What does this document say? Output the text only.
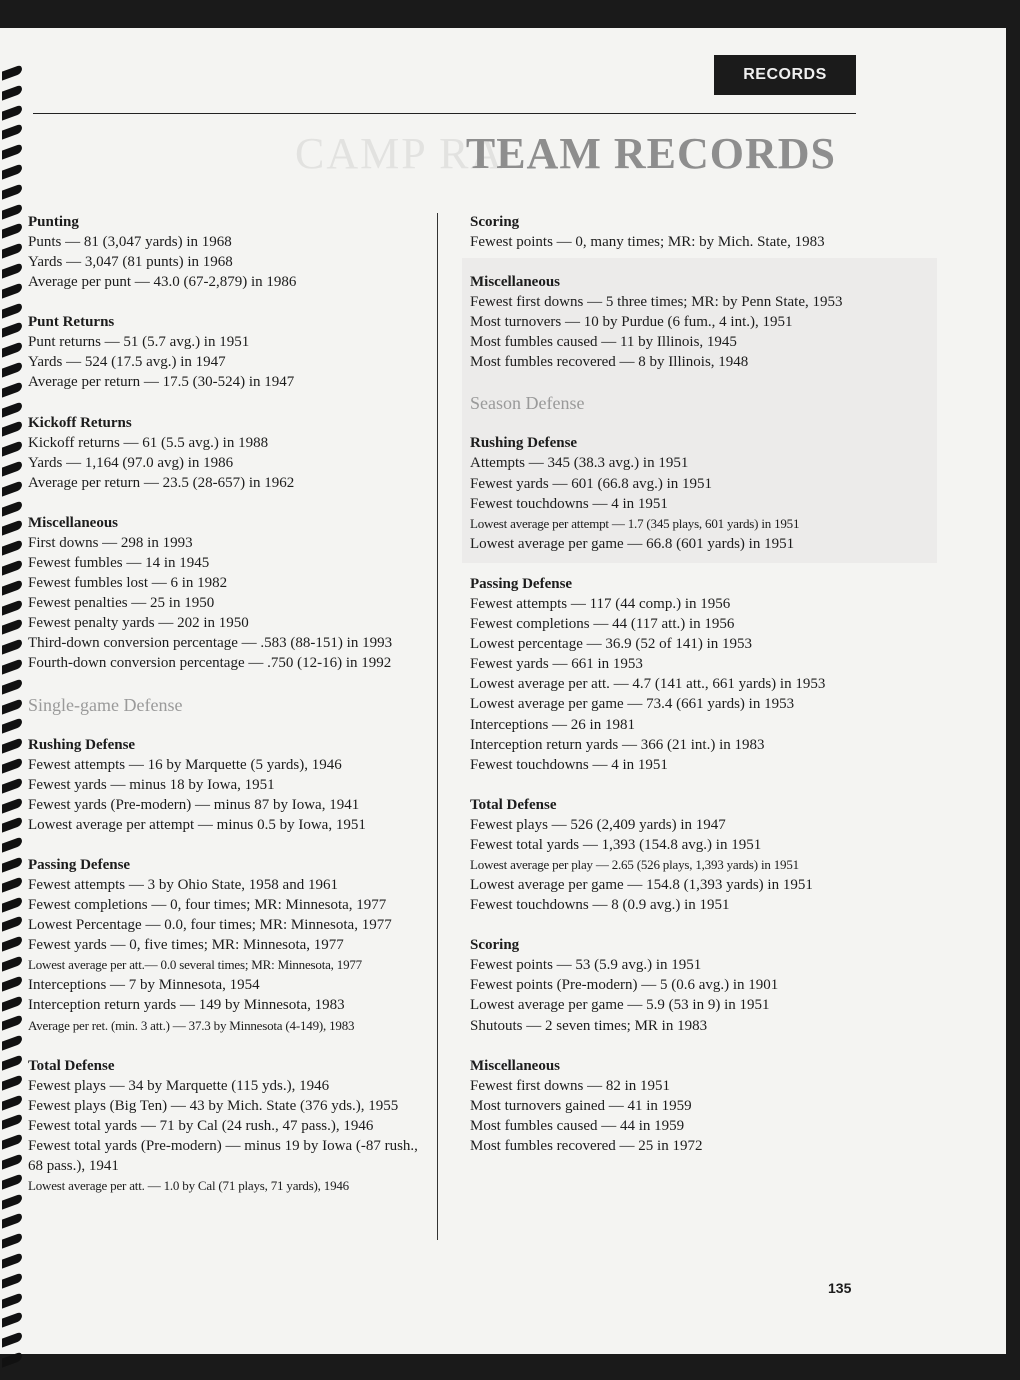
RECORDS
CAMP RA
TEAM RECORDS
Punting
Punts — 81 (3,047 yards) in 1968
Yards — 3,047 (81 punts) in 1968
Average per punt — 43.0 (67-2,879) in 1986
Punt Returns
Punt returns — 51 (5.7 avg.) in 1951
Yards — 524 (17.5 avg.) in 1947
Average per return — 17.5 (30-524) in 1947
Kickoff Returns
Kickoff returns — 61 (5.5 avg.) in 1988
Yards — 1,164 (97.0 avg) in 1986
Average per return — 23.5 (28-657) in 1962
Miscellaneous
First downs — 298 in 1993
Fewest fumbles — 14 in 1945
Fewest fumbles lost — 6 in 1982
Fewest penalties — 25 in 1950
Fewest penalty yards — 202 in 1950
Third-down conversion percentage — .583 (88-151) in 1993
Fourth-down conversion percentage — .750 (12-16) in 1992
Single-game Defense
Rushing Defense
Fewest attempts — 16 by Marquette (5 yards), 1946
Fewest yards — minus 18 by Iowa, 1951
Fewest yards (Pre-modern) — minus 87 by Iowa, 1941
Lowest average per attempt — minus 0.5 by Iowa, 1951
Passing Defense
Fewest attempts — 3 by Ohio State, 1958 and 1961
Fewest completions — 0, four times; MR: Minnesota, 1977
Lowest Percentage — 0.0, four times; MR: Minnesota, 1977
Fewest yards — 0, five times; MR: Minnesota, 1977
Lowest average per att.— 0.0 several times; MR: Minnesota, 1977
Interceptions — 7 by Minnesota, 1954
Interception return yards — 149 by Minnesota, 1983
Average per ret. (min. 3 att.) — 37.3 by Minnesota (4-149), 1983
Total Defense
Fewest plays — 34 by Marquette (115 yds.), 1946
Fewest plays (Big Ten) — 43 by Mich. State (376 yds.), 1955
Fewest total yards — 71 by Cal (24 rush., 47 pass.), 1946
Fewest total yards (Pre-modern) — minus 19 by Iowa (-87 rush., 68 pass.), 1941
Lowest average per att. — 1.0 by Cal (71 plays, 71 yards), 1946
Scoring
Fewest points — 0, many times; MR: by Mich. State, 1983
Miscellaneous
Fewest first downs — 5 three times; MR: by Penn State, 1953
Most turnovers — 10 by Purdue (6 fum., 4 int.), 1951
Most fumbles caused — 11 by Illinois, 1945
Most fumbles recovered — 8 by Illinois, 1948
Season Defense
Rushing Defense
Attempts — 345 (38.3 avg.) in 1951
Fewest yards — 601 (66.8 avg.) in 1951
Fewest touchdowns — 4 in 1951
Lowest average per attempt — 1.7 (345 plays, 601 yards) in 1951
Lowest average per game — 66.8 (601 yards) in 1951
Passing Defense
Fewest attempts — 117 (44 comp.) in 1956
Fewest completions — 44 (117 att.) in 1956
Lowest percentage — 36.9 (52 of 141) in 1953
Fewest yards — 661 in 1953
Lowest average per att. — 4.7 (141 att., 661 yards) in 1953
Lowest average per game — 73.4 (661 yards) in 1953
Interceptions — 26 in 1981
Interception return yards — 366 (21 int.) in 1983
Fewest touchdowns — 4 in 1951
Total Defense
Fewest plays — 526 (2,409 yards) in 1947
Fewest total yards — 1,393 (154.8 avg.) in 1951
Lowest average per play — 2.65 (526 plays, 1,393 yards) in 1951
Lowest average per game — 154.8 (1,393 yards) in 1951
Fewest touchdowns — 8 (0.9 avg.) in 1951
Scoring
Fewest points — 53 (5.9 avg.) in 1951
Fewest points (Pre-modern) — 5 (0.6 avg.) in 1901
Lowest average per game — 5.9 (53 in 9) in 1951
Shutouts — 2 seven times; MR in 1983
Miscellaneous
Fewest first downs — 82 in 1951
Most turnovers gained — 41 in 1959
Most fumbles caused — 44 in 1959
Most fumbles recovered — 25 in 1972
135
